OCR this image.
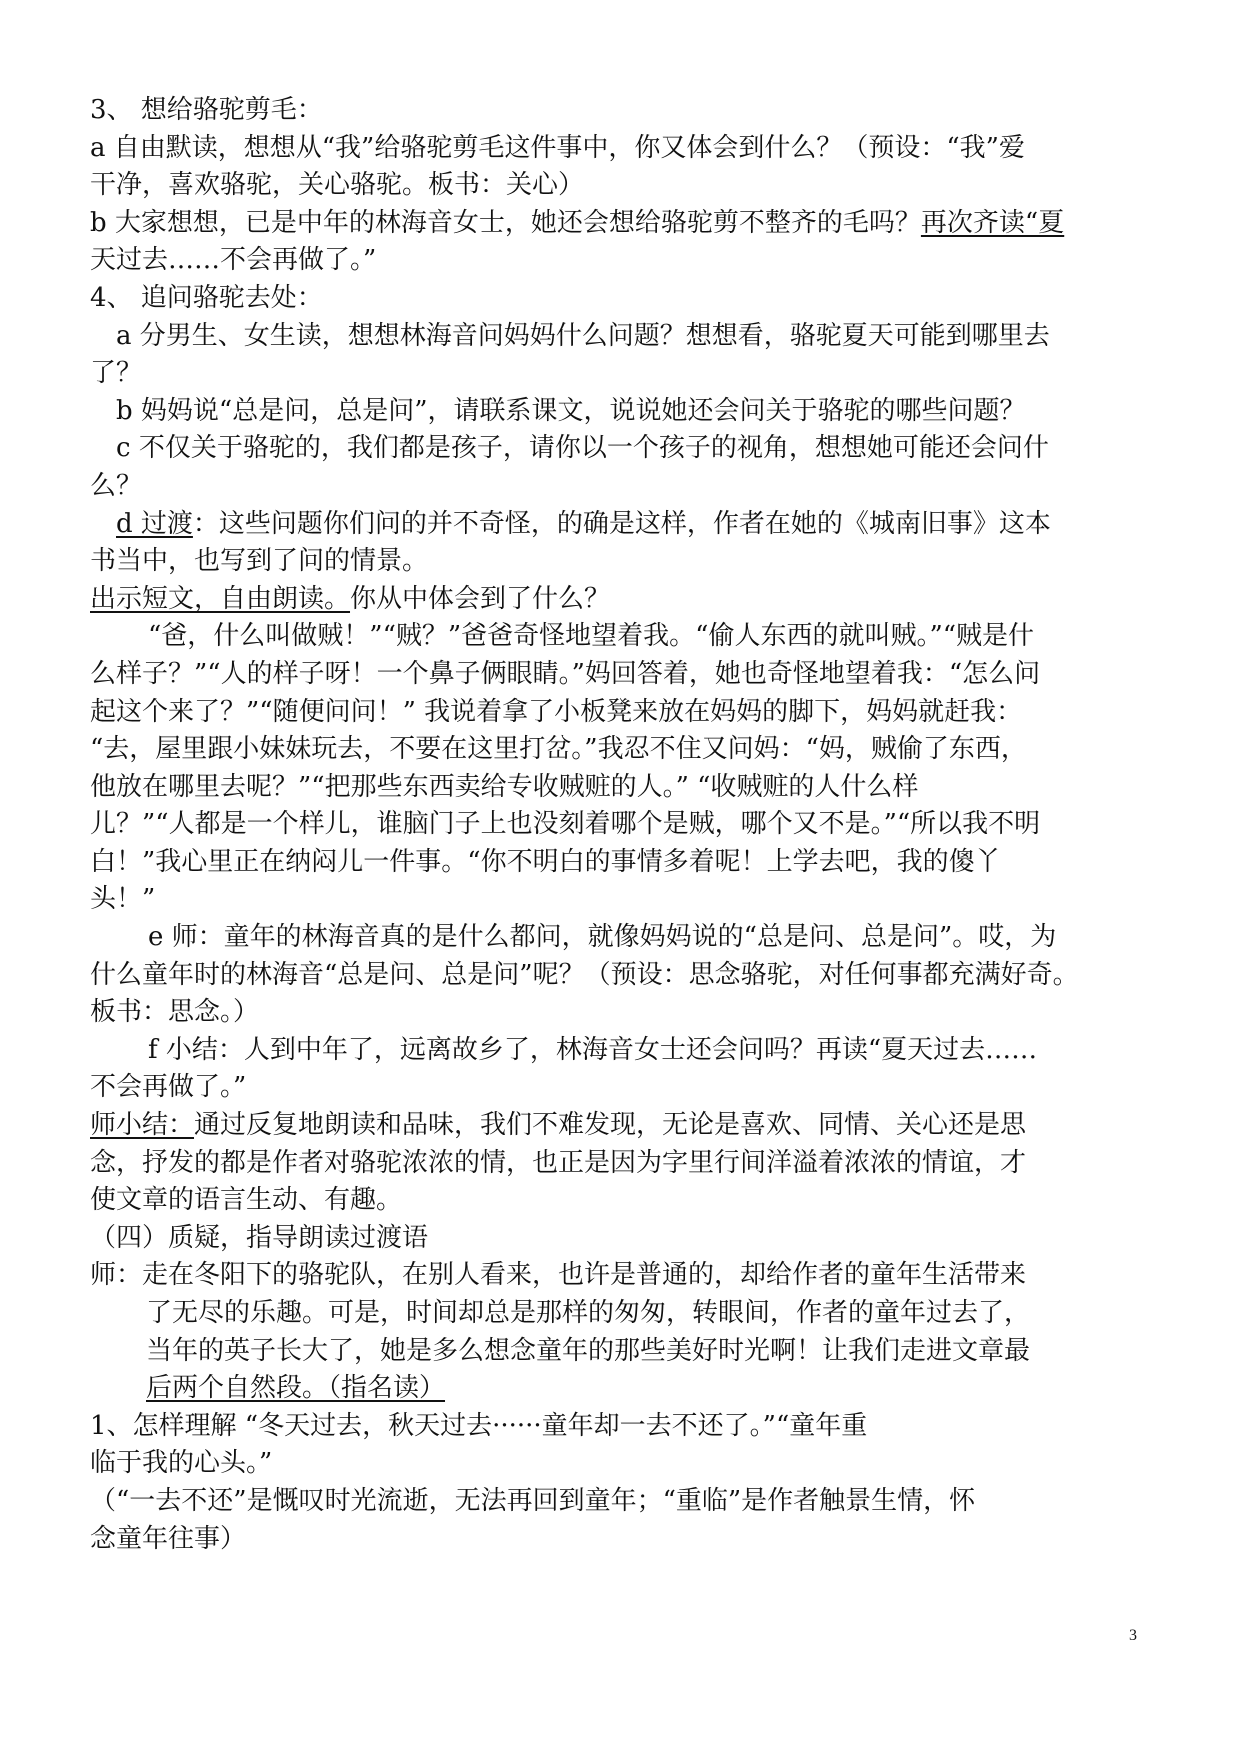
3、 想给骆驼剪毛：
a 自由默读，想想从“我”给骆驼剪毛这件事中，你又体会到什么？（预设：“我”爱
干净，喜欢骆驼，关心骆驼。板书：关心）
b 大家想想，已是中年的林海音女士，她还会想给骆驼剪不整齐的毛吗？再次齐读“夏
天过去……不会再做了。”
4、 追问骆驼去处：
a 分男生、女生读，想想林海音问妈妈什么问题？想想看，骆驼夏天可能到哪里去
了？
b 妈妈说“总是问，总是问”，请联系课文，说说她还会问关于骆驼的哪些问题？
c 不仅关于骆驼的，我们都是孩子，请你以一个孩子的视角，想想她可能还会问什
么？
d 过渡：这些问题你们问的并不奇怪，的确是这样，作者在她的《城南旧事》这本
书当中，也写到了问的情景。
出示短文，自由朗读。你从中体会到了什么？
“爸，什么叫做贼！”“贼？”爸爸奇怪地望着我。“偷人东西的就叫贼。”“贼是什
么样子？”“人的样子呀！一个鼻子俩眼睛。”妈回答着，她也奇怪地望着我：“怎么问
起这个来了？”“随便问问！” 我说着拿了小板凳来放在妈妈的脚下，妈妈就赶我：
“去，屋里跟小妹妹玩去，不要在这里打岔。”我忍不住又问妈：“妈，贼偷了东西，
他放在哪里去呢？”“把那些东西卖给专收贼赃的人。” “收贼赃的人什么样
儿？”“人都是一个样儿，谁脑门子上也没刻着哪个是贼，哪个又不是。”“所以我不明
白！”我心里正在纳闷儿一件事。“你不明白的事情多着呢！上学去吧，我的傻丫
头！”
e 师：童年的林海音真的是什么都问，就像妈妈说的“总是问、总是问”。哎，为
什么童年时的林海音“总是问、总是问”呢？（预设：思念骆驼，对任何事都充满好奇。
板书：思念。）
f 小结：人到中年了，远离故乡了，林海音女士还会问吗？再读“夏天过去……
不会再做了。”
师小结：通过反复地朗读和品味，我们不难发现，无论是喜欢、同情、关心还是思
念，抒发的都是作者对骆驼浓浓的情，也正是因为字里行间洋溢着浓浓的情谊，才
使文章的语言生动、有趣。
（四）质疑，指导朗读过渡语
师：走在冬阳下的骆驼队，在别人看来，也许是普通的，却给作者的童年生活带来
了无尽的乐趣。可是，时间却总是那样的匆匆，转眼间，作者的童年过去了，
当年的英子长大了，她是多么想念童年的那些美好时光啊！让我们走进文章最
后两个自然段。（指名读）
1、怎样理解 “冬天过去，秋天过去······童年却一去不还了。”“童年重
临于我的心头。”
（“一去不还”是慨叹时光流逝，无法再回到童年；“重临”是作者触景生情，怀
念童年往事）
3
